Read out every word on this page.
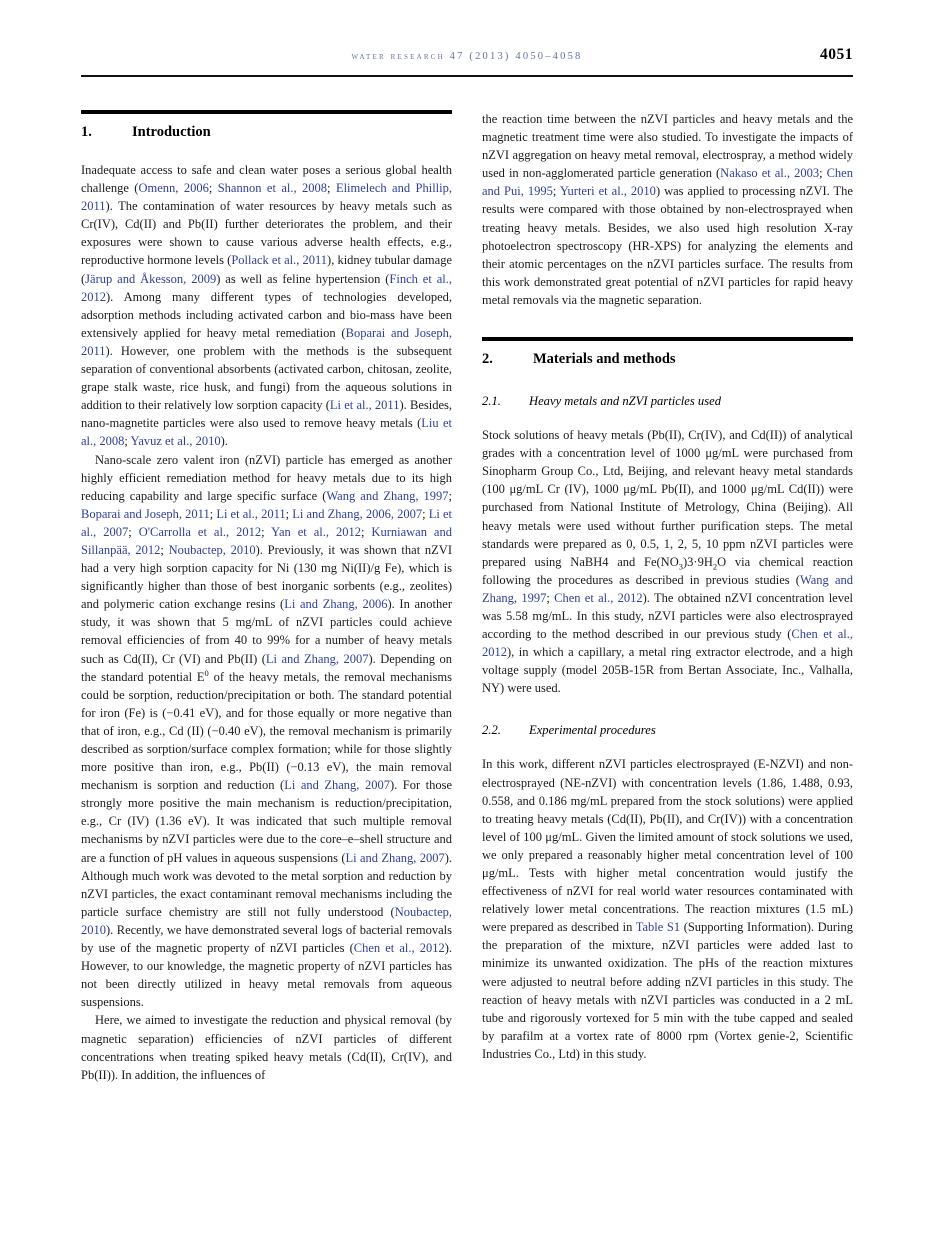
water research 47 (2013) 4050–4058	4051
1.	Introduction

Inadequate access to safe and clean water poses a serious global health challenge (Omenn, 2006; Shannon et al., 2008; Elimelech and Phillip, 2011). The contamination of water resources by heavy metals such as Cr(IV), Cd(II) and Pb(II) further deteriorates the problem, and their exposures were shown to cause various adverse health effects, e.g., reproductive hormone levels (Pollack et al., 2011), kidney tubular damage (Järup and Åkesson, 2009) as well as feline hypertension (Finch et al., 2012). Among many different types of technologies developed, adsorption methods including activated carbon and bio-mass have been extensively applied for heavy metal remediation (Boparai and Joseph, 2011). However, one problem with the methods is the subsequent separation of conventional absorbents (activated carbon, chitosan, zeolite, grape stalk waste, rice husk, and fungi) from the aqueous solutions in addition to their relatively low sorption capacity (Li et al., 2011). Besides, nano-magnetite particles were also used to remove heavy metals (Liu et al., 2008; Yavuz et al., 2010).

Nano-scale zero valent iron (nZVI) particle has emerged as another highly efficient remediation method for heavy metals due to its high reducing capability and large specific surface (Wang and Zhang, 1997; Boparai and Joseph, 2011; Li et al., 2011; Li and Zhang, 2006, 2007; Li et al., 2007; O'Carrolla et al., 2012; Yan et al., 2012; Kurniawan and Sillanpää, 2012; Noubactep, 2010). Previously, it was shown that nZVI had a very high sorption capacity for Ni (130 mg Ni(II)/g Fe), which is significantly higher than those of best inorganic sorbents (e.g., zeolites) and polymeric cation exchange resins (Li and Zhang, 2006). In another study, it was shown that 5 mg/mL of nZVI particles could achieve removal efficiencies of from 40 to 99% for a number of heavy metals such as Cd(II), Cr (VI) and Pb(II) (Li and Zhang, 2007). Depending on the standard potential $E^0$ of the heavy metals, the removal mechanisms could be sorption, reduction/precipitation or both. The standard potential for iron (Fe) is (−0.41 eV), and for those equally or more negative than that of iron, e.g., Cd (II) (−0.40 eV), the removal mechanism is primarily described as sorption/surface complex formation; while for those slightly more positive than iron, e.g., Pb(II) (−0.13 eV), the main removal mechanism is sorption and reduction (Li and Zhang, 2007). For those strongly more positive the main mechanism is reduction/precipitation, e.g., Cr (IV) (1.36 eV). It was indicated that such multiple removal mechanisms by nZVI particles were due to the core–e–shell structure and are a function of pH values in aqueous suspensions (Li and Zhang, 2007). Although much work was devoted to the metal sorption and reduction by nZVI particles, the exact contaminant removal mechanisms including the particle surface chemistry are still not fully understood (Noubactep, 2010). Recently, we have demonstrated several logs of bacterial removals by use of the magnetic property of nZVI particles (Chen et al., 2012). However, to our knowledge, the magnetic property of nZVI particles has not been directly utilized in heavy metal removals from aqueous suspensions.

Here, we aimed to investigate the reduction and physical removal (by magnetic separation) efficiencies of nZVI particles of different concentrations when treating spiked heavy metals (Cd(II), Cr(IV), and Pb(II)). In addition, the influences of

the reaction time between the nZVI particles and heavy metals and the magnetic treatment time were also studied. To investigate the impacts of nZVI aggregation on heavy metal removal, electrospray, a method widely used in non-agglomerated particle generation (Nakaso et al., 2003; Chen and Pui, 1995; Yurteri et al., 2010) was applied to processing nZVI. The results were compared with those obtained by non-electrosprayed when treating heavy metals. Besides, we also used high resolution X-ray photoelectron spectroscopy (HR-XPS) for analyzing the elements and their atomic percentages on the nZVI particles surface. The results from this work demonstrated great potential of nZVI particles for rapid heavy metal removals via the magnetic separation.

2.	Materials and methods
2.1.	Heavy metals and nZVI particles used

Stock solutions of heavy metals (Pb(II), Cr(IV), and Cd(II)) of analytical grades with a concentration level of 1000 μg/mL were purchased from Sinopharm Group Co., Ltd, Beijing, and relevant heavy metal standards (100 μg/mL Cr (IV), 1000 μg/mL Pb(II), and 1000 μg/mL Cd(II)) were purchased from National Institute of Metrology, China (Beijing). All heavy metals were used without further purification steps. The metal standards were prepared as 0, 0.5, 1, 2, 5, 10 ppm nZVI particles were prepared using NaBH4 and $Fe(NO_3)3\cdot 9H_2O$ via chemical reaction following the procedures as described in previous studies (Wang and Zhang, 1997; Chen et al., 2012). The obtained nZVI concentration level was 5.58 mg/mL. In this study, nZVI particles were also electrosprayed according to the method described in our previous study (Chen et al., 2012), in which a capillary, a metal ring extractor electrode, and a high voltage supply (model 205B-15R from Bertan Associate, Inc., Valhalla, NY) were used.

2.2.	Experimental procedures

In this work, different nZVI particles electrosprayed (E-NZVI) and non-electrosprayed (NE-nZVI) with concentration levels (1.86, 1.488, 0.93, 0.558, and 0.186 mg/mL prepared from the stock solutions) were applied to treating heavy metals (Cd(II), Pb(II), and Cr(IV)) with a concentration level of 100 μg/mL. Given the limited amount of stock solutions we used, we only prepared a reasonably higher metal concentration level of 100 μg/mL. Tests with higher metal concentration would justify the effectiveness of nZVI for real world water resources contaminated with relatively lower metal concentrations. The reaction mixtures (1.5 mL) were prepared as described in Table S1 (Supporting Information). During the preparation of the mixture, nZVI particles were added last to minimize its unwanted oxidization. The pHs of the reaction mixtures were adjusted to neutral before adding nZVI particles in this study. The reaction of heavy metals with nZVI particles was conducted in a 2 mL tube and rigorously vortexed for 5 min with the tube capped and sealed by parafilm at a vortex rate of 8000 rpm (Vortex genie-2, Scientific Industries Co., Ltd) in this study.
